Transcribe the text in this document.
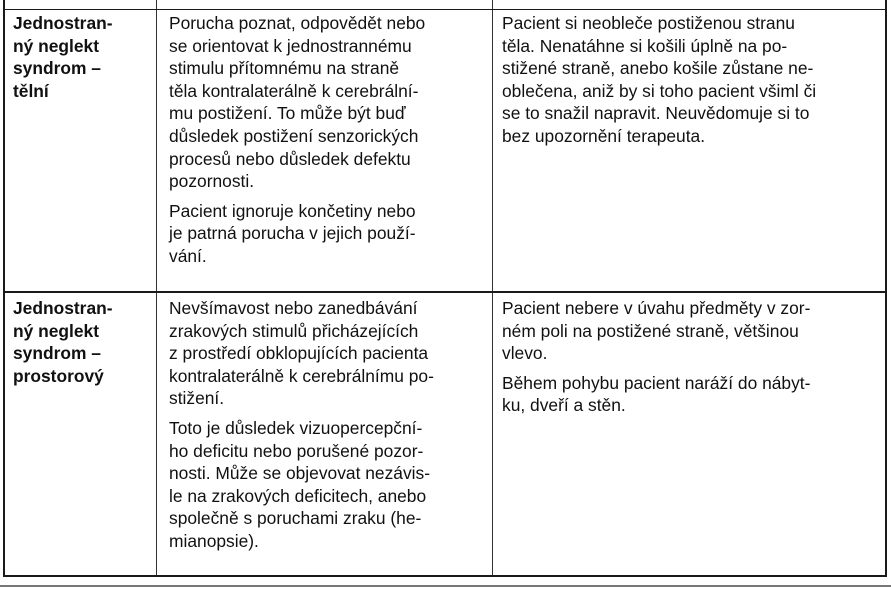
Jednostran-
ný neglekt
syndrom –
tělní

Porucha poznat, odpovědět nebo
se orientovat k jednostrannému
stimulu přítomnému na straně
těla kontralaterálně k cerebrální-
mu postižení. To může být buď
důsledek postižení senzorických
procesů nebo důsledek defektu
pozornosti.

Pacient ignoruje končetiny nebo
je patrná porucha v jejich použí-
vání.

Pacient si neobleče postiženou stranu
těla. Nenatáhne si košili úplně na po-
stižené straně, anebo košile zůstane ne-
oblečena, aniž by si toho pacient všiml či
se to snažil napravit. Neuvědomuje si to
bez upozornění terapeuta.

Jednostran-
ný neglekt
syndrom –
prostorový

Nevšímavost nebo zanedbávání
zrakových stimulů přicházejících
z prostředí obklopujících pacienta
kontralaterálně k cerebrálnímu po-
stižení.

Toto je důsledek vizuopercepční-
ho deficitu nebo porušené pozor-
nosti. Může se objevovat nezávis-
le na zrakových deficitech, anebo
společně s poruchami zraku (he-
mianopsie).

Pacient nebere v úvahu předměty v zor-
ném poli na postižené straně, většinou
vlevo.

Během pohybu pacient naráží do nábyt-
ku, dveří a stěn.
